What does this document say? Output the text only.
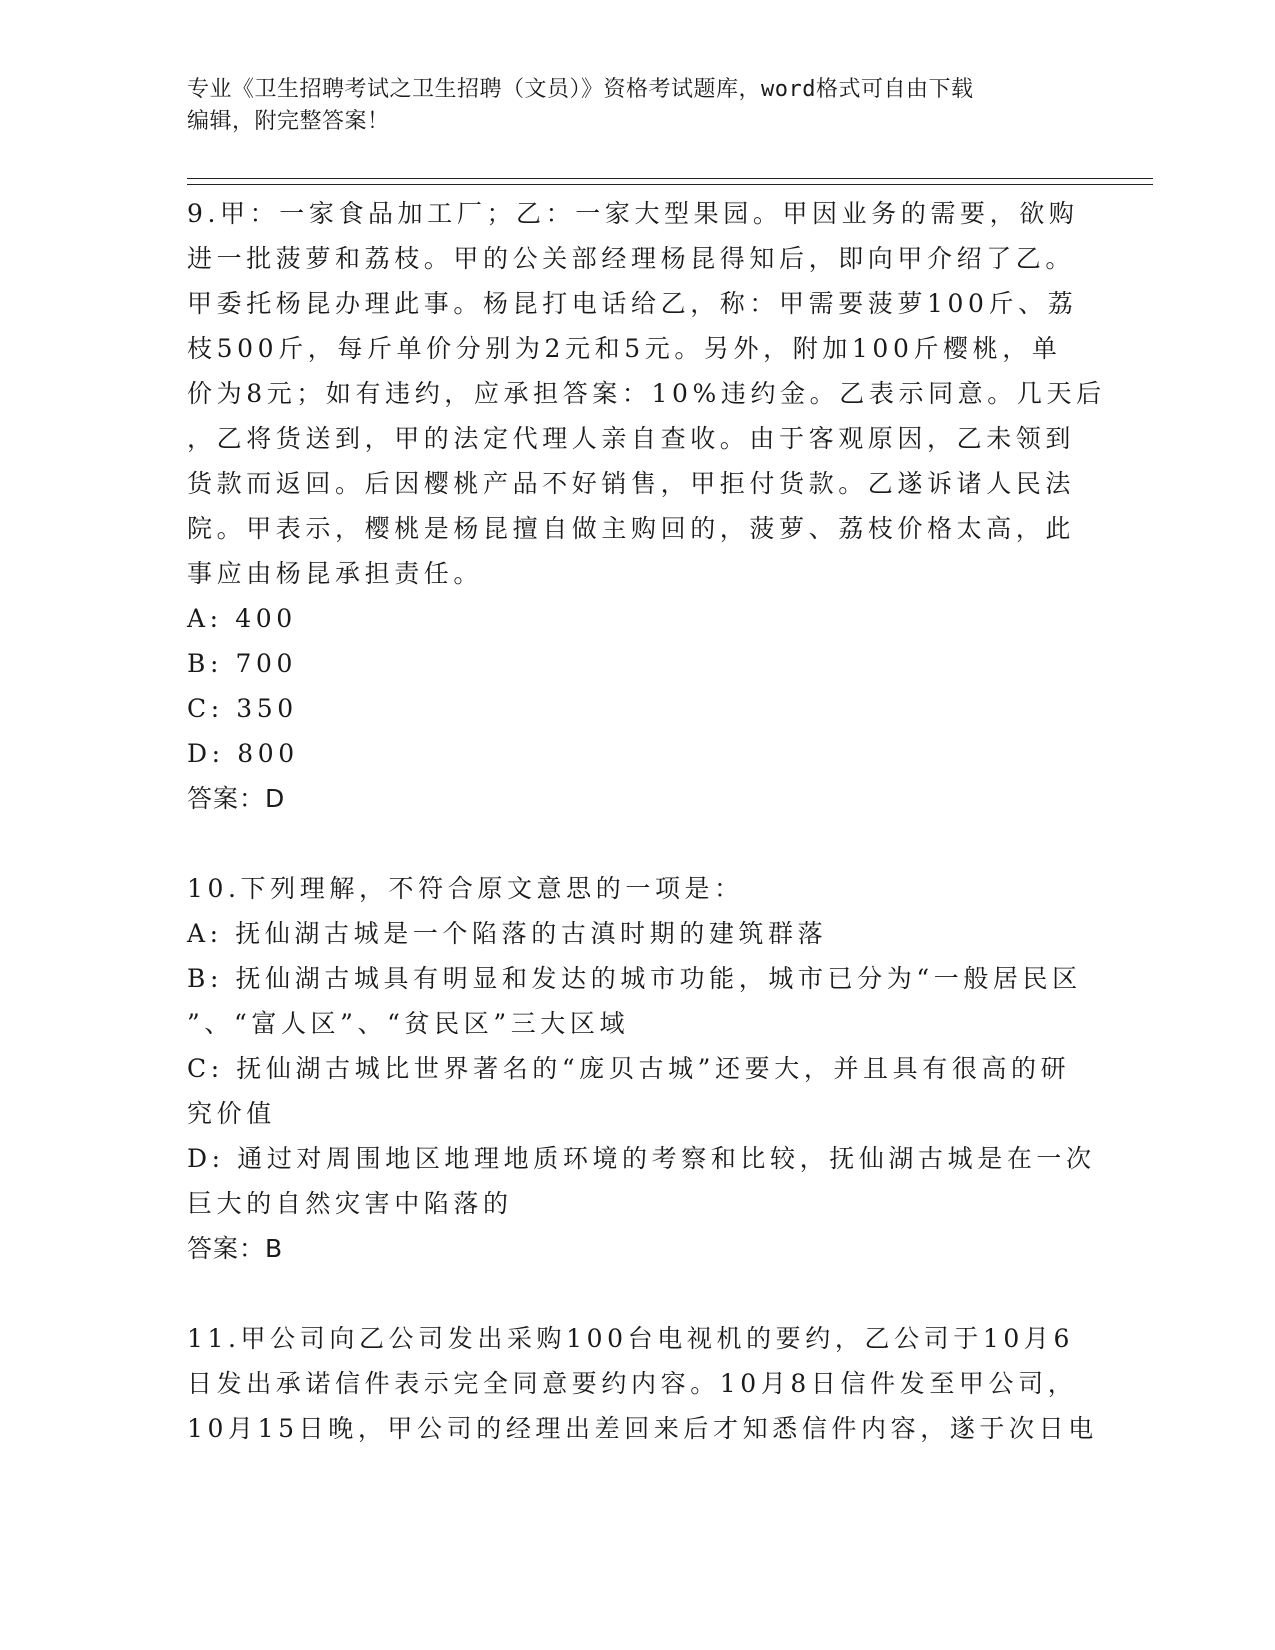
专业《卫生招聘考试之卫生招聘（文员）》资格考试题库，word格式可自由下载
编辑，附完整答案！
9.甲：一家食品加工厂；乙：一家大型果园。甲因业务的需要，欲购
进一批菠萝和荔枝。甲的公关部经理杨昆得知后，即向甲介绍了乙。
甲委托杨昆办理此事。杨昆打电话给乙，称：甲需要菠萝100斤、荔
枝500斤，每斤单价分别为2元和5元。另外，附加100斤樱桃，单
价为8元；如有违约，应承担答案：10%违约金。乙表示同意。几天后
，乙将货送到，甲的法定代理人亲自查收。由于客观原因，乙未领到
货款而返回。后因樱桃产品不好销售，甲拒付货款。乙遂诉诸人民法
院。甲表示，樱桃是杨昆擅自做主购回的，菠萝、荔枝价格太高，此
事应由杨昆承担责任。
A: 400
B: 700
C: 350
D: 800
答案：D
10.下列理解，不符合原文意思的一项是：
A: 抚仙湖古城是一个陷落的古滇时期的建筑群落
B: 抚仙湖古城具有明显和发达的城市功能，城市已分为“一般居民区
”、“富人区”、“贫民区”三大区域
C: 抚仙湖古城比世界著名的“庞贝古城”还要大，并且具有很高的研
究价值
D: 通过对周围地区地理地质环境的考察和比较，抚仙湖古城是在一次
巨大的自然灾害中陷落的
答案：B
11.甲公司向乙公司发出采购100台电视机的要约，乙公司于10月6
日发出承诺信件表示完全同意要约内容。10月8日信件发至甲公司，
10月15日晚，甲公司的经理出差回来后才知悉信件内容，遂于次日电
